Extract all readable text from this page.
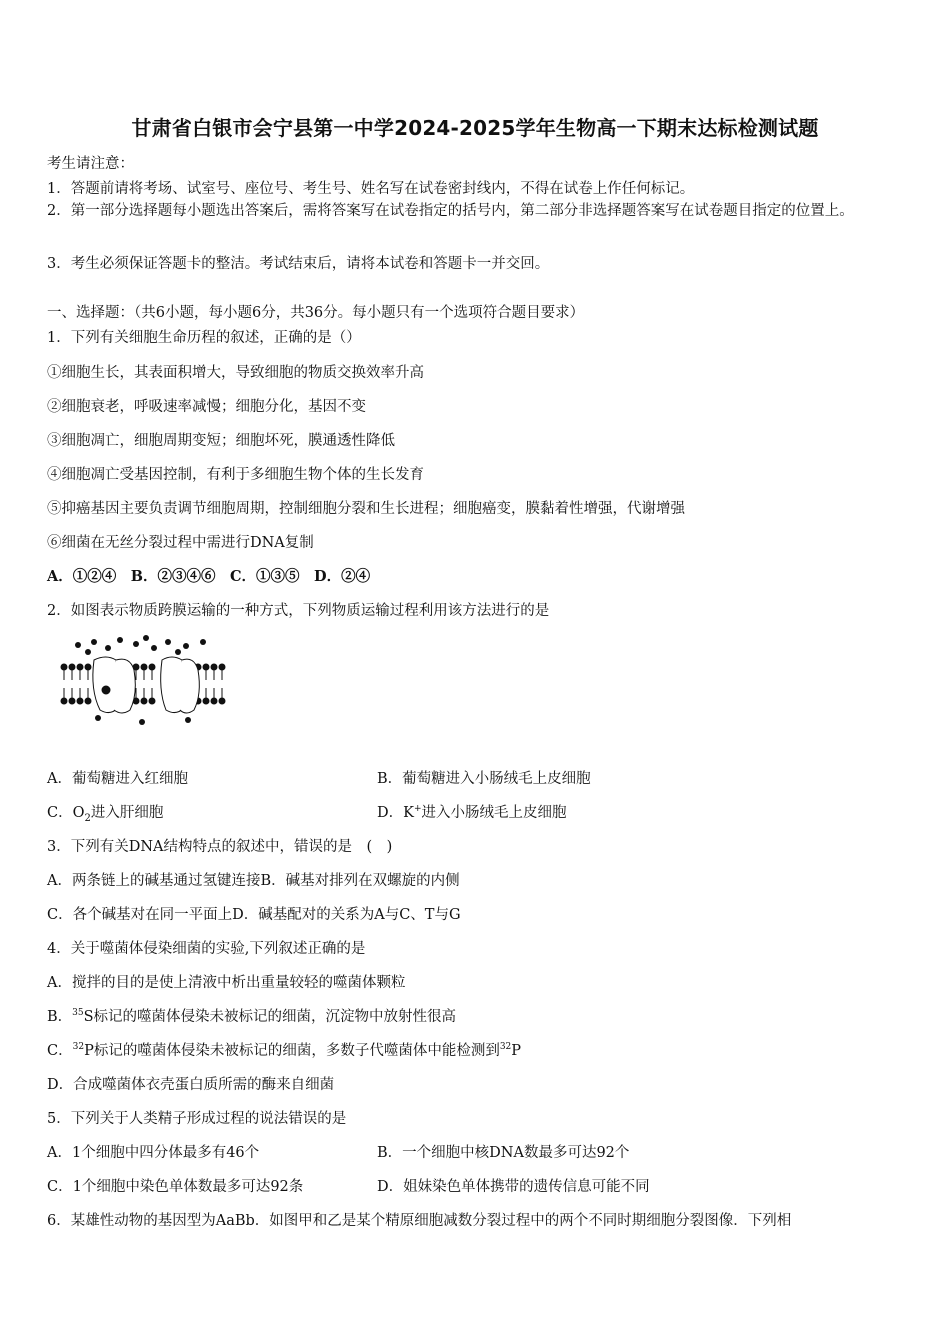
甘肃省白银市会宁县第一中学2024-2025学年生物高一下期末达标检测试题
考生请注意：
1．答题前请将考场、试室号、座位号、考生号、姓名写在试卷密封线内，不得在试卷上作任何标记。
2．第一部分选择题每小题选出答案后，需将答案写在试卷指定的括号内，第二部分非选择题答案写在试卷题目指定的位置上。
3．考生必须保证答题卡的整洁。考试结束后，请将本试卷和答题卡一并交回。
一、选择题：（共6小题，每小题6分，共36分。每小题只有一个选项符合题目要求）
1．下列有关细胞生命历程的叙述，正确的是（）
①细胞生长，其表面积增大，导致细胞的物质交换效率升高
②细胞衰老，呼吸速率减慢；细胞分化，基因不变
③细胞凋亡，细胞周期变短；细胞坏死，膜通透性降低
④细胞凋亡受基因控制，有利于多细胞生物个体的生长发育
⑤抑癌基因主要负责调节细胞周期，控制细胞分裂和生长进程；细胞癌变，膜黏着性增强，代谢增强
⑥细菌在无丝分裂过程中需进行DNA复制
A．①②④　B．②③④⑥　C．①③⑤　D．②④
2．如图表示物质跨膜运输的一种方式，下列物质运输过程利用该方法进行的是
A．葡萄糖进入红细胞	B．葡萄糖进入小肠绒毛上皮细胞
C．$O_2$进入肝细胞	D．K+进入小肠绒毛上皮细胞
3．下列有关DNA结构特点的叙述中，错误的是　(　)
A．两条链上的碱基通过氢键连接B．碱基对排列在双螺旋的内侧
C．各个碱基对在同一平面上D．碱基配对的关系为A与C、T与G
4．关于噬菌体侵染细菌的实验,下列叙述正确的是
A．搅拌的目的是使上清液中析出重量较轻的噬菌体颗粒
B．$^{35}$S标记的噬菌体侵染未被标记的细菌，沉淀物中放射性很高
C．$^{32}$P标记的噬菌体侵染未被标记的细菌，多数子代噬菌体中能检测到$^{32}$P
D．合成噬菌体衣壳蛋白质所需的酶来自细菌
5．下列关于人类精子形成过程的说法错误的是
A．1个细胞中四分体最多有46个	B．一个细胞中核DNA数最多可达92个
C．1个细胞中染色单体数最多可达92条	D．姐妹染色单体携带的遗传信息可能不同
6．某雄性动物的基因型为AaBb．如图甲和乙是某个精原细胞减数分裂过程中的两个不同时期细胞分裂图像．下列相
